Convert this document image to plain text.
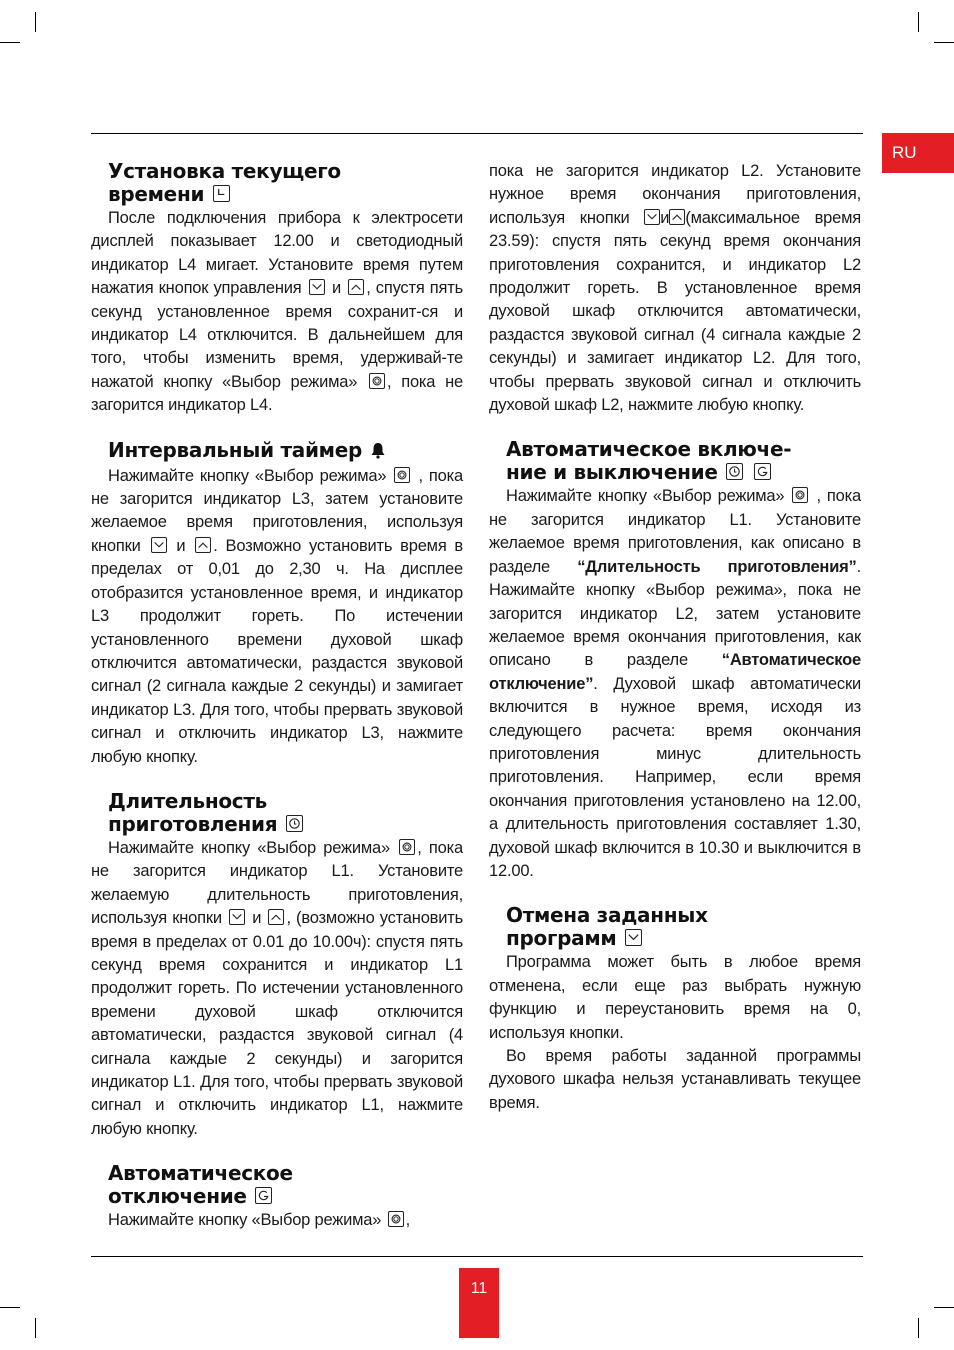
RU
11
Установка текущего
времени

После подключения прибора к электросети дисплей показывает 12.00 и светодиодный индикатор L4 мигает. Установите время путем нажатия кнопок управления и , спустя пять секунд установленное время сохранит-ся и индикатор L4 отключится. В дальнейшем для того, чтобы изменить время, удерживай-те нажатой кнопку «Выбор режима» , пока не загорится индикатор L4.

Интервальный таймер

Нажимайте кнопку «Выбор режима» , пока не загорится индикатор L3, затем установите желаемое время приготовления, используя кнопки и . Возможно установить время в пределах от 0,01 до 2,30 ч. На дисплее отобразится установленное время, и индикатор L3 продолжит гореть. По истечении установленного времени духовой шкаф отключится автоматически, раздастся звуковой сигнал (2 сигнала каждые 2 секунды) и замигает индикатор L3. Для того, чтобы прервать звуковой сигнал и отключить индикатор L3, нажмите любую кнопку.

Длительность
приготовления

Нажимайте кнопку «Выбор режима» , пока не загорится индикатор L1. Установите желаемую длительность приготовления, используя кнопки и , (возможно установить время в пределах от 0.01 до 10.00ч): спустя пять секунд время сохранится и индикатор L1 продолжит гореть. По истечении установленного времени духовой шкаф отключится автоматически, раздастся звуковой сигнал (4 сигнала каждые 2 секунды) и загорится индикатор L1. Для того, чтобы прервать звуковой сигнал и отключить индикатор L1, нажмите любую кнопку.

Автоматическое
отключение

Нажимайте кнопку «Выбор режима» ,

пока не загорится индикатор L2. Установите нужное время окончания приготовления, используя кнопки и (максимальное время 23.59): спустя пять секунд время окончания приготовления сохранится, и индикатор L2 продолжит гореть. В установленное время духовой шкаф отключится автоматически, раздастся звуковой сигнал (4 сигнала каждые 2 секунды) и замигает индикатор L2. Для того, чтобы прервать звуковой сигнал и отключить духовой шкаф L2, нажмите любую кнопку.

Автоматическое включе-
ние и выключение

Нажимайте кнопку «Выбор режима» , пока не загорится индикатор L1. Установите желаемое время приготовления, как описано в разделе “Длительность приготовления”. Нажимайте кнопку «Выбор режима», пока не загорится индикатор L2, затем установите желаемое время окончания приготовления, как описано в разделе “Автоматическое отключение”. Духовой шкаф автоматически включится в нужное время, исходя из следующего расчета: время окончания приготовления минус длительность приготовления. Например, если время окончания приготовления установлено на 12.00, а длительность приготовления составляет 1.30, духовой шкаф включится в 10.30 и выключится в 12.00.

Отмена заданных
программ

Программа может быть в любое время отменена, если еще раз выбрать нужную функцию и переустановить время на 0, используя кнопки.

Во время работы заданной программы духового шкафа нельзя устанавливать текущее время.
